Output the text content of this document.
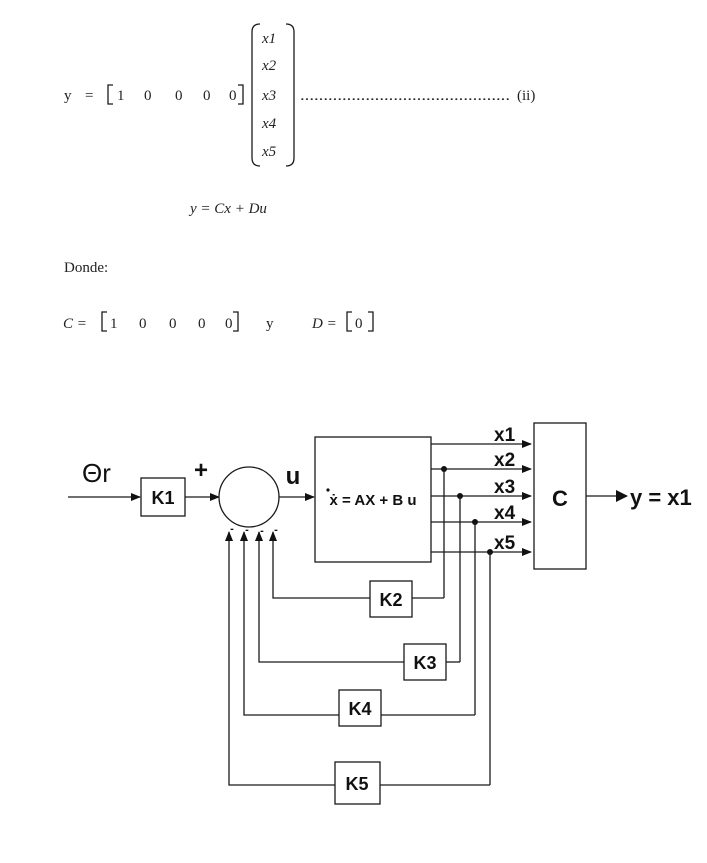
y = 1 0 0 0 0
x1
x2
x3
x4
x5
............................................. (ii)
y = Cx + Du
Donde:
C = 1 0 0 0 0 y	D = 0
Θr
K1
+	u
ẋ = AX + B u
x1
x2
x3
x4
x5
C	y = x1
K2
K3
K4
K5
- - - -
